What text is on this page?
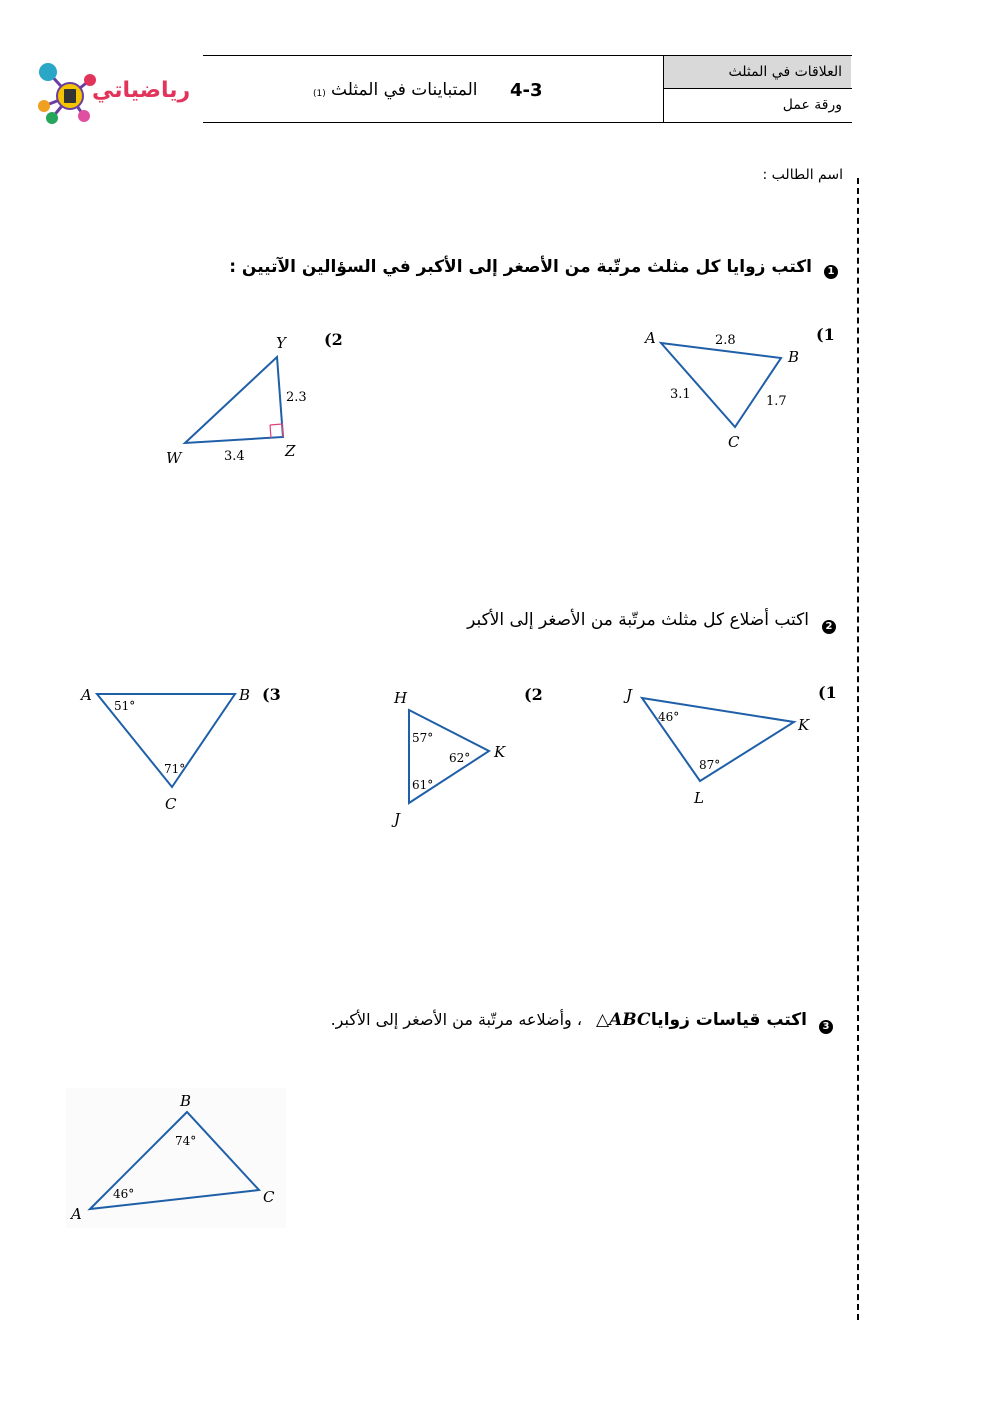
العلاقات في المثلث
ورقة عمل
4-3
المتباينات في المثلث
(1)
رياضياتي
اسم الطالب :
1
اكتب زوايا كل مثلث مرتّبة من الأصغر إلى الأكبر في السؤالين الآتيين :
(1
(2	A
B
C
2.8
1.7
3.1
Y
Z
W
2.3
3.4
2
اكتب أضلاع كل مثلث مرتّبة من الأصغر إلى الأكبر
(1
(2
(3	J
K
L
46°
87°
H
K
J
57°
62°
61°
A	B
C
51°
71°
3
اكتب قياسات زوايا
△ABC
، وأضلاعه مرتّبة من الأصغر إلى الأكبر.
A
B
C
74°
46°
